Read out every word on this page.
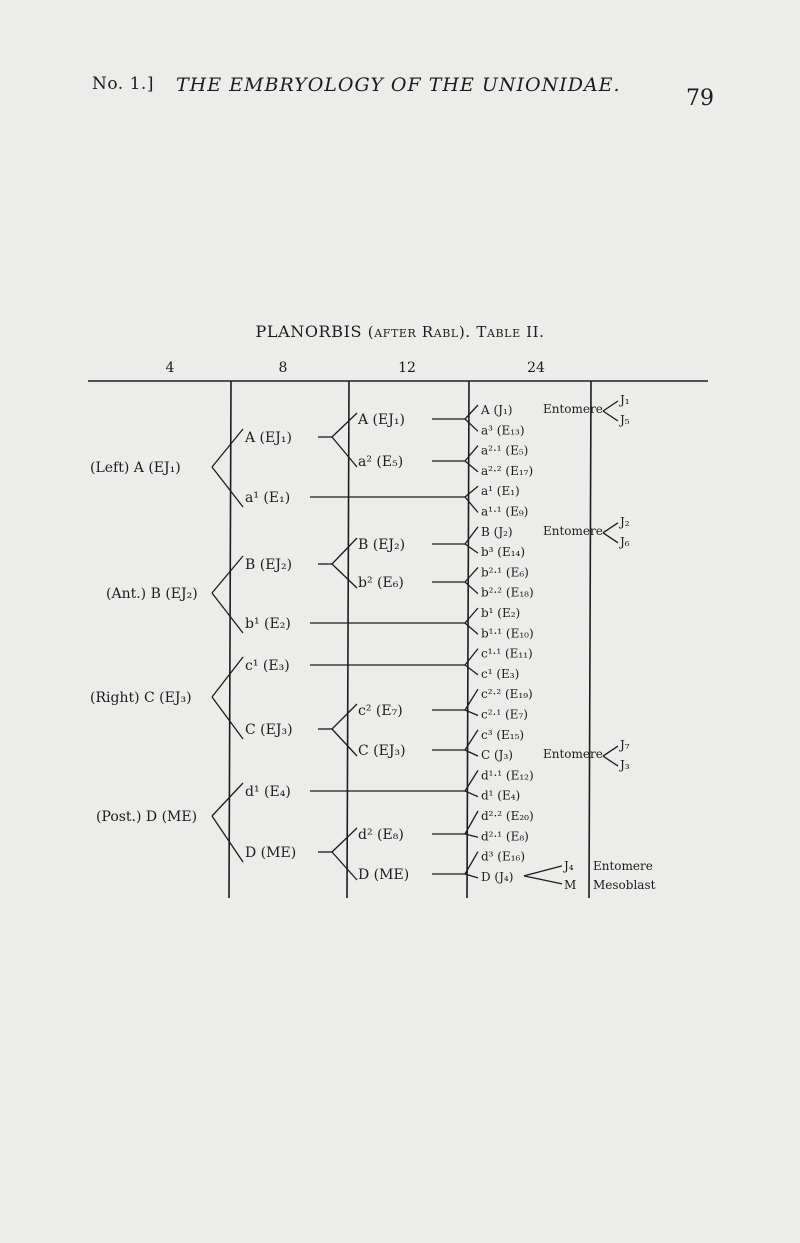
No. 1.] THE EMBRYOLOGY OF THE UNIONIDAE.
79
PLANORBIS (after Rabl). Table II.
4	8	12	24
(Left) A (EJ₁)
(Ant.) B (EJ₂)
(Right) C (EJ₃)
(Post.) D (ME)
A (EJ₁)
a¹ (E₁)
B (EJ₂)
b¹ (E₂)
c¹ (E₃)
C (EJ₃)
d¹ (E₄)
D (ME)
A (EJ₁)
a² (E₅)
B (EJ₂)
b² (E₆)
c² (E₇)
C (EJ₃)
d² (E₈)
D (ME)
A (J₁)
a³ (E₁₃)
a²·¹ (E₅)
a²·² (E₁₇)
a¹ (E₁)
a¹·¹ (E₉)
B (J₂)
b³ (E₁₄)
b²·¹ (E₆)
b²·² (E₁₈)
b¹ (E₂)
b¹·¹ (E₁₀)
c¹·¹ (E₁₁)
c¹ (E₃)
c²·² (E₁₉)
c²·¹ (E₇)
c³ (E₁₅)
C (J₃)
d¹·¹ (E₁₂)
d¹ (E₄)
d²·² (E₂₀)
d²·¹ (E₈)
d³ (E₁₆)
D (J₄)
Entomere
J₁
J₅
Entomere
J₂
J₆
Entomere
J₇
J₃
J₄
M
Entomere
Mesoblast
